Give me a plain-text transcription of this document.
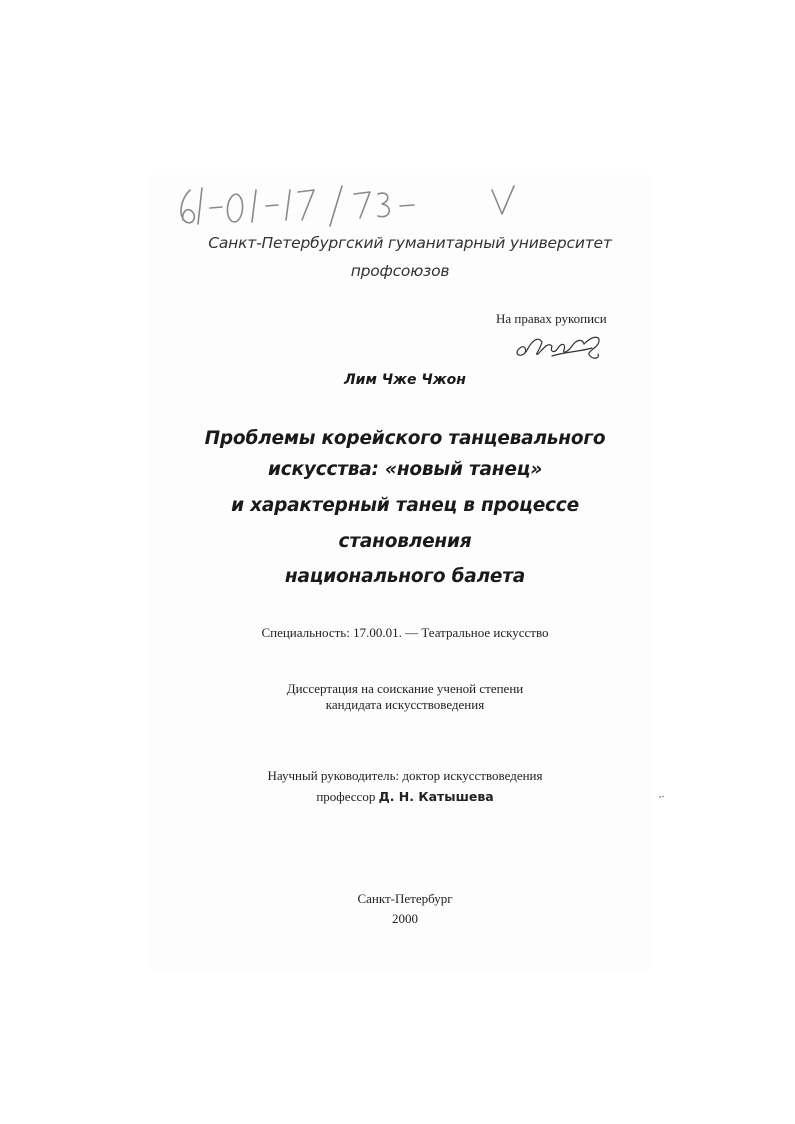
Санкт-Петербургский гуманитарный университет

профсоюзов

На правах рукописи

Лим Чже Чжон

Проблемы корейского танцевального

искусства: «новый танец»

и характерный танец в процессе

становления

национального балета

Специальность: 17.00.01. — Театральное искусство

Диссертация на соискание ученой степени

кандидата искусствоведения

Научный руководитель: доктор искусствоведения

профессор Д. Н. Катышева

Санкт-Петербург

2000
